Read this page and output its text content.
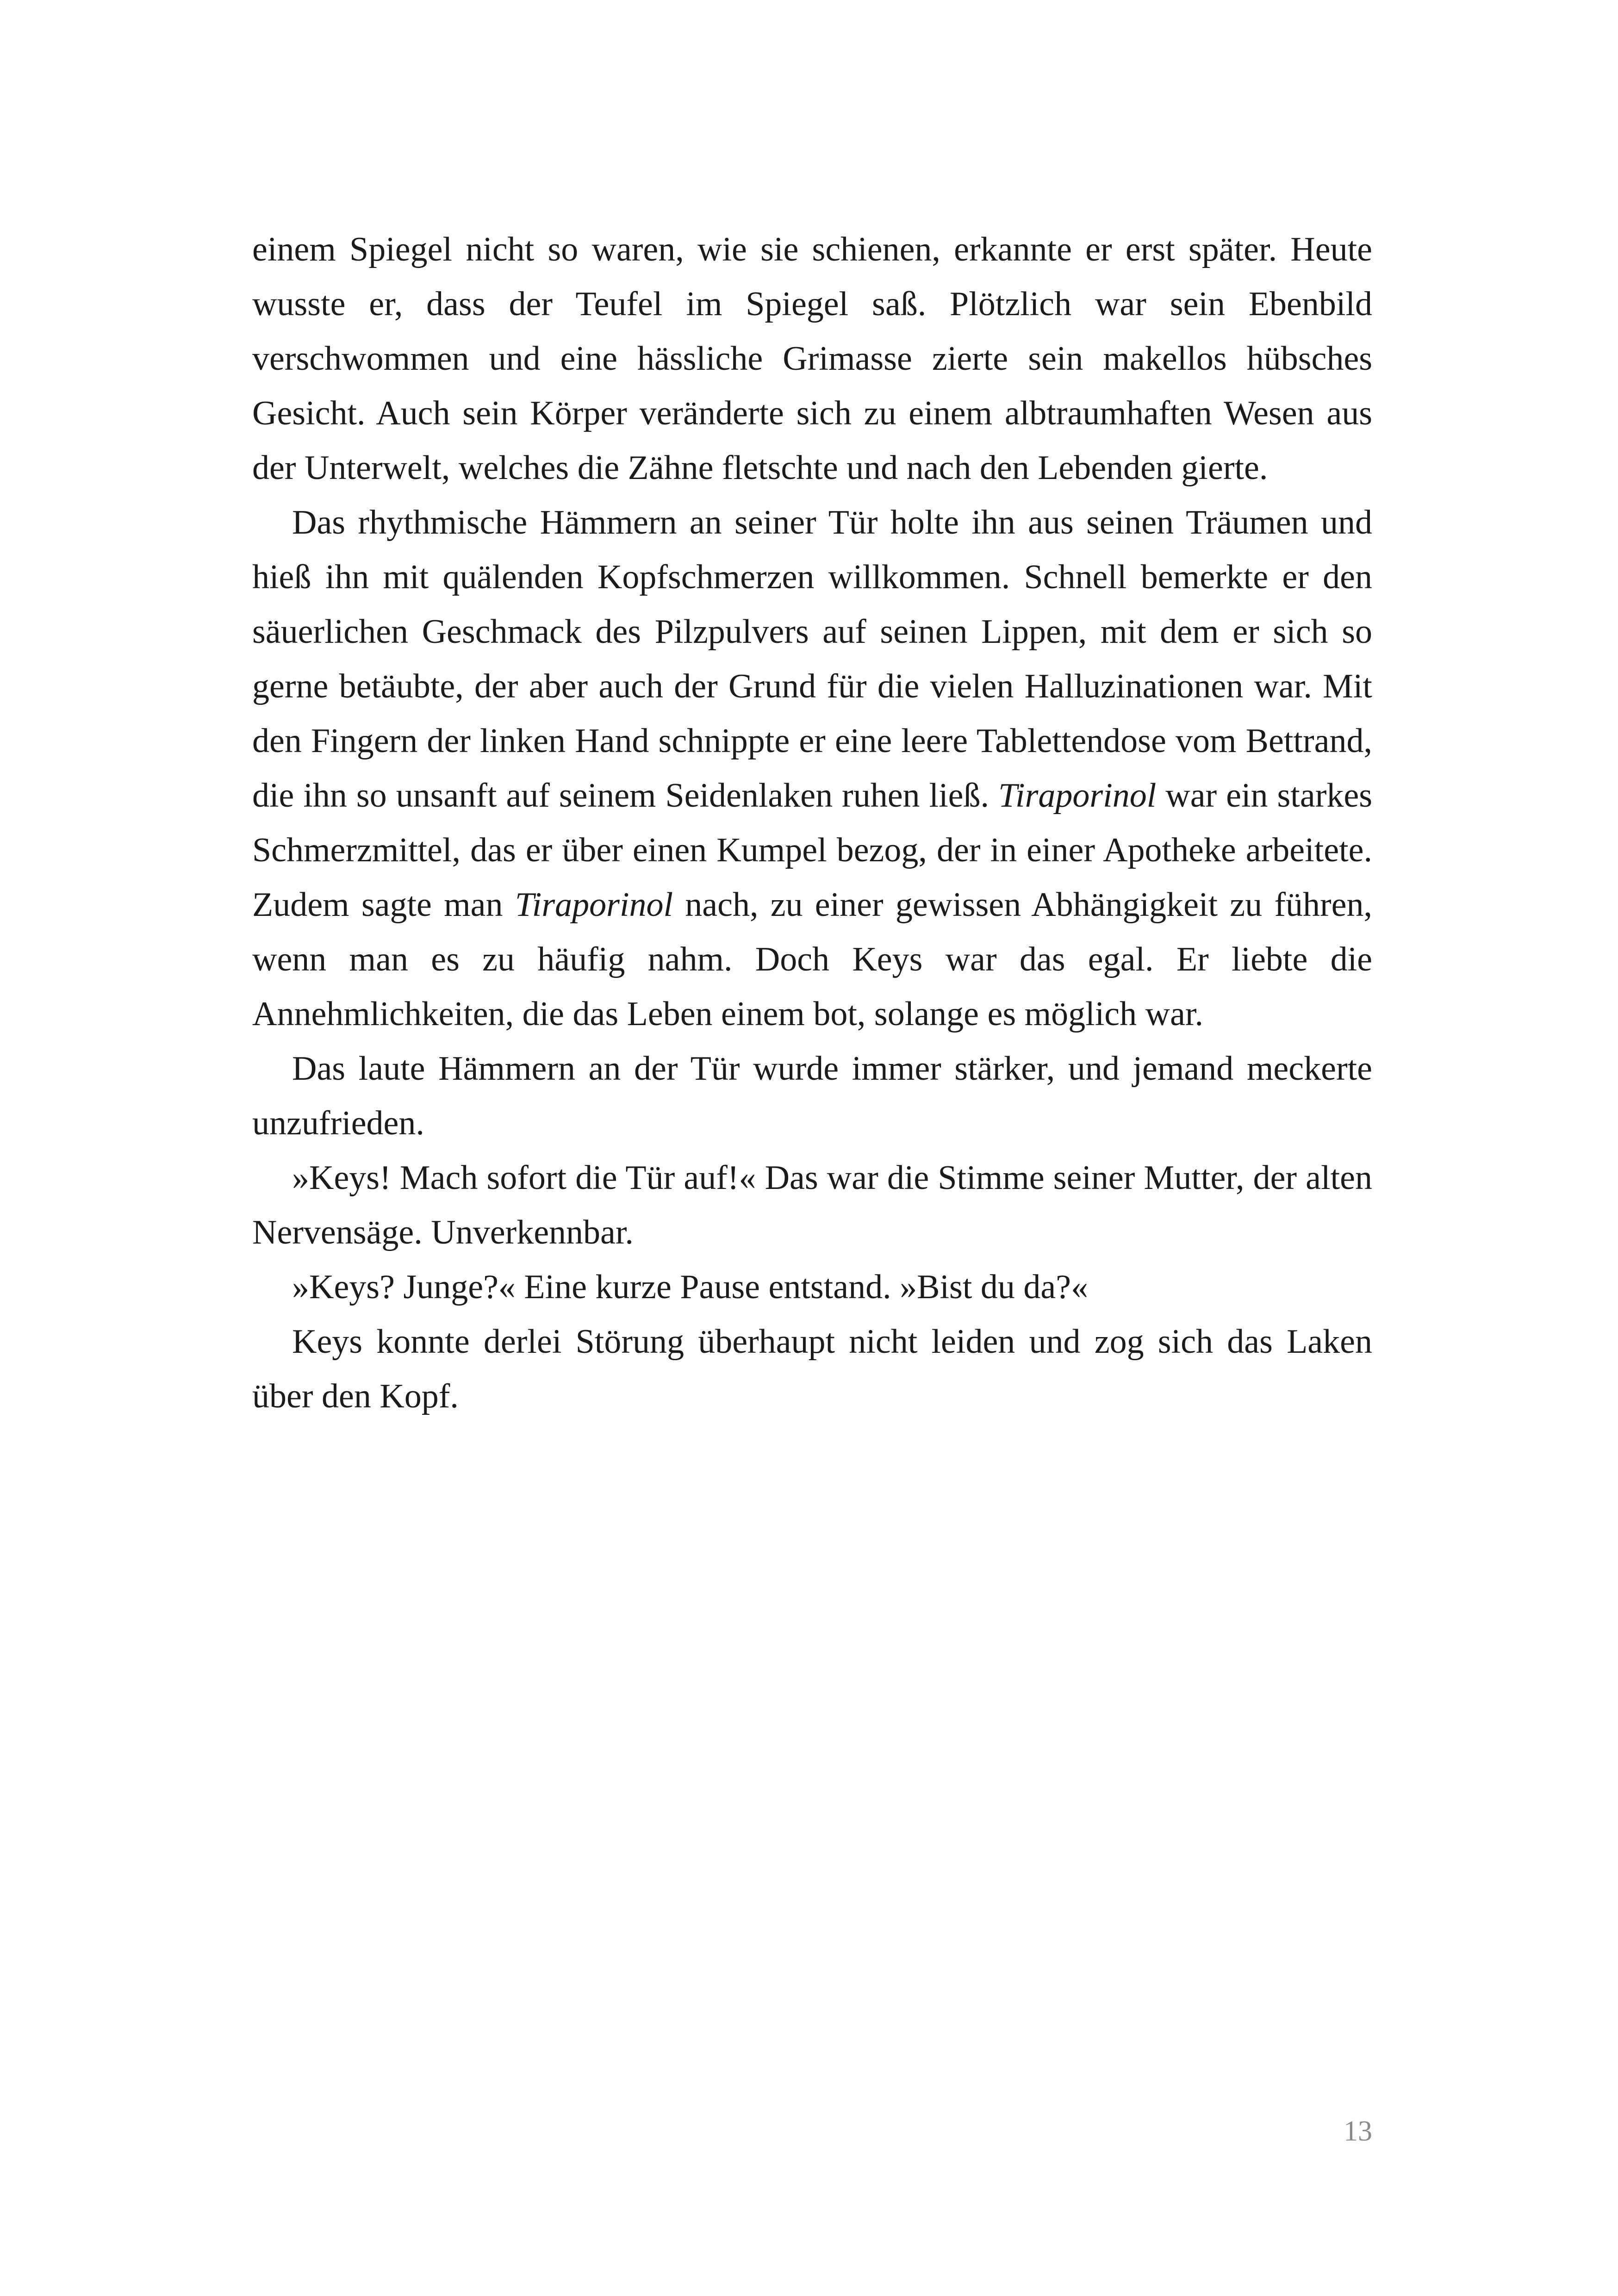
einem Spiegel nicht so waren, wie sie schienen, erkannte er erst später. Heute wusste er, dass der Teufel im Spiegel saß. Plötzlich war sein Ebenbild verschwommen und eine hässliche Grimasse zierte sein makellos hübsches Gesicht. Auch sein Körper veränderte sich zu einem albtraumhaften Wesen aus der Unterwelt, welches die Zähne fletschte und nach den Lebenden gierte.

Das rhythmische Hämmern an seiner Tür holte ihn aus seinen Träumen und hieß ihn mit quälenden Kopfschmerzen willkommen. Schnell bemerkte er den säuerlichen Geschmack des Pilzpulvers auf seinen Lippen, mit dem er sich so gerne betäubte, der aber auch der Grund für die vielen Halluzinationen war. Mit den Fingern der linken Hand schnippte er eine leere Tablettendose vom Bettrand, die ihn so unsanft auf seinem Seidenlaken ruhen ließ. Tiraporinol war ein starkes Schmerzmittel, das er über einen Kumpel bezog, der in einer Apotheke arbeitete. Zudem sagte man Tiraporinol nach, zu einer gewissen Abhängigkeit zu führen, wenn man es zu häufig nahm. Doch Keys war das egal. Er liebte die Annehmlichkeiten, die das Leben einem bot, solange es möglich war.

Das laute Hämmern an der Tür wurde immer stärker, und jemand meckerte unzufrieden.

»Keys! Mach sofort die Tür auf!« Das war die Stimme seiner Mutter, der alten Nervensäge. Unverkennbar.

»Keys? Junge?« Eine kurze Pause entstand. »Bist du da?«

Keys konnte derlei Störung überhaupt nicht leiden und zog sich das Laken über den Kopf.

13
